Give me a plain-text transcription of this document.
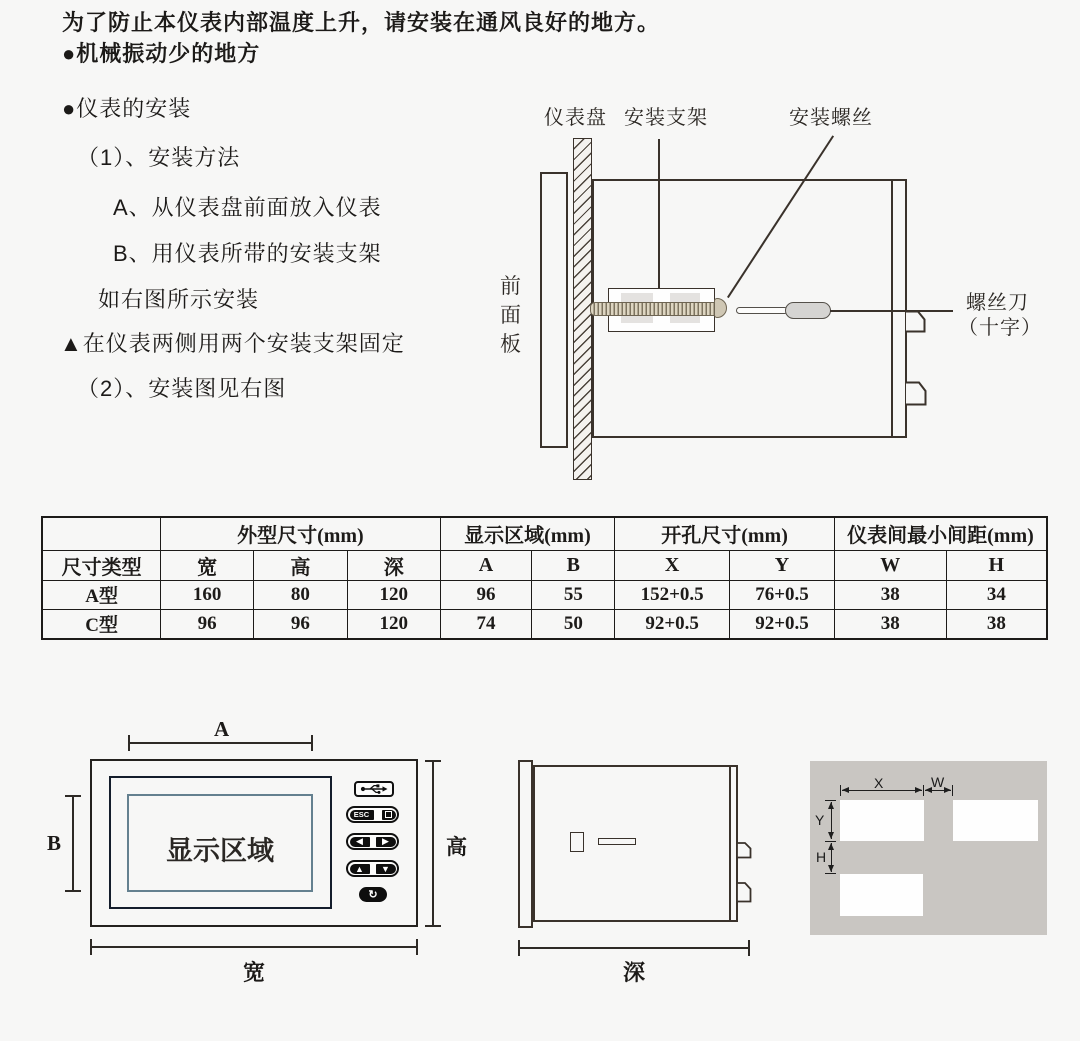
为了防止本仪表内部温度上升，请安装在通风良好的地方。
●机械振动少的地方
●仪表的安装
（1）、安装方法
A、从仪表盘前面放入仪表
B、用仪表所带的安装支架
如右图所示安装
▲在仪表两侧用两个安装支架固定
（2）、安装图见右图
仪表盘 安装支架	安装螺丝
前面板
螺丝刀
（十字）
	外型尺寸(mm)			显示区域(mm)		开孔尺寸(mm)		仪表间最小间距(mm)	
尺寸类型	宽	高	深	A	B	X	Y	W	H
A型	160	80	120	96	55	152+0.5	76+0.5	38	34
C型	96	96	120	74	50	92+0.5	92+0.5	38	38
A
显示区域
B	高
宽
ESC
◀	▶
▲	▼
↻
深
X	W
Y
H
